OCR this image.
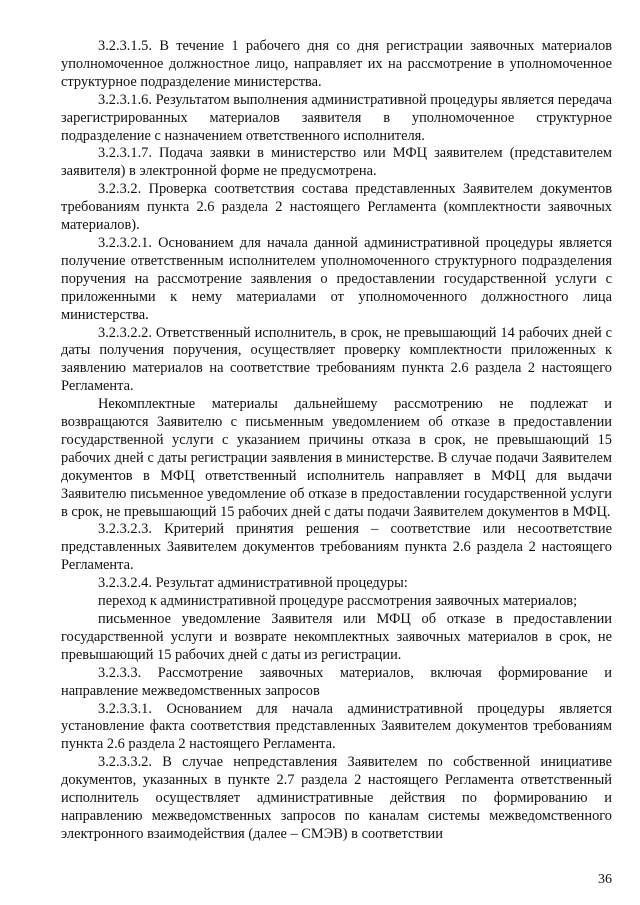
3.2.3.1.5. В течение 1 рабочего дня со дня регистрации заявочных материалов уполномоченное должностное лицо, направляет их на рассмотрение в уполномоченное структурное подразделение министерства.

3.2.3.1.6. Результатом выполнения административной процедуры является передача зарегистрированных материалов заявителя в уполномоченное структурное подразделение с назначением ответственного исполнителя.

3.2.3.1.7. Подача заявки в министерство или МФЦ заявителем (представителем заявителя) в электронной форме не предусмотрена.

3.2.3.2. Проверка соответствия состава представленных Заявителем документов требованиям пункта 2.6 раздела 2 настоящего Регламента (комплектности заявочных материалов).

3.2.3.2.1. Основанием для начала данной административной процедуры является получение ответственным исполнителем уполномоченного структурного подразделения поручения на рассмотрение заявления о предоставлении государственной услуги с приложенными к нему материалами от уполномоченного должностного лица министерства.

3.2.3.2.2. Ответственный исполнитель, в срок, не превышающий 14 рабочих дней с даты получения поручения, осуществляет проверку комплектности приложенных к заявлению материалов на соответствие требованиям пункта 2.6 раздела 2 настоящего Регламента.

Некомплектные материалы дальнейшему рассмотрению не подлежат и возвращаются Заявителю с письменным уведомлением об отказе в предоставлении государственной услуги с указанием причины отказа в срок, не превышающий 15 рабочих дней с даты регистрации заявления в министерстве. В случае подачи Заявителем документов в МФЦ ответственный исполнитель направляет в МФЦ для выдачи Заявителю письменное уведомление об отказе в предоставлении государственной услуги в срок, не превышающий 15 рабочих дней с даты подачи Заявителем документов в МФЦ.

3.2.3.2.3. Критерий принятия решения – соответствие или несоответствие представленных Заявителем документов требованиям пункта 2.6 раздела 2 настоящего Регламента.

3.2.3.2.4. Результат административной процедуры:

переход к административной процедуре рассмотрения заявочных материалов;

письменное уведомление Заявителя или МФЦ об отказе в предоставлении государственной услуги и возврате некомплектных заявочных материалов в срок, не превышающий 15 рабочих дней с даты из регистрации.

3.2.3.3. Рассмотрение заявочных материалов, включая формирование и направление межведомственных запросов

3.2.3.3.1. Основанием для начала административной процедуры является установление факта соответствия представленных Заявителем документов требованиям пункта 2.6 раздела 2 настоящего Регламента.

3.2.3.3.2. В случае непредставления Заявителем по собственной инициативе документов, указанных в пункте 2.7 раздела 2 настоящего Регламента ответственный исполнитель осуществляет административные действия по формированию и направлению межведомственных запросов по каналам системы межведомственного электронного взаимодействия (далее – СМЭВ) в соответствии

36
